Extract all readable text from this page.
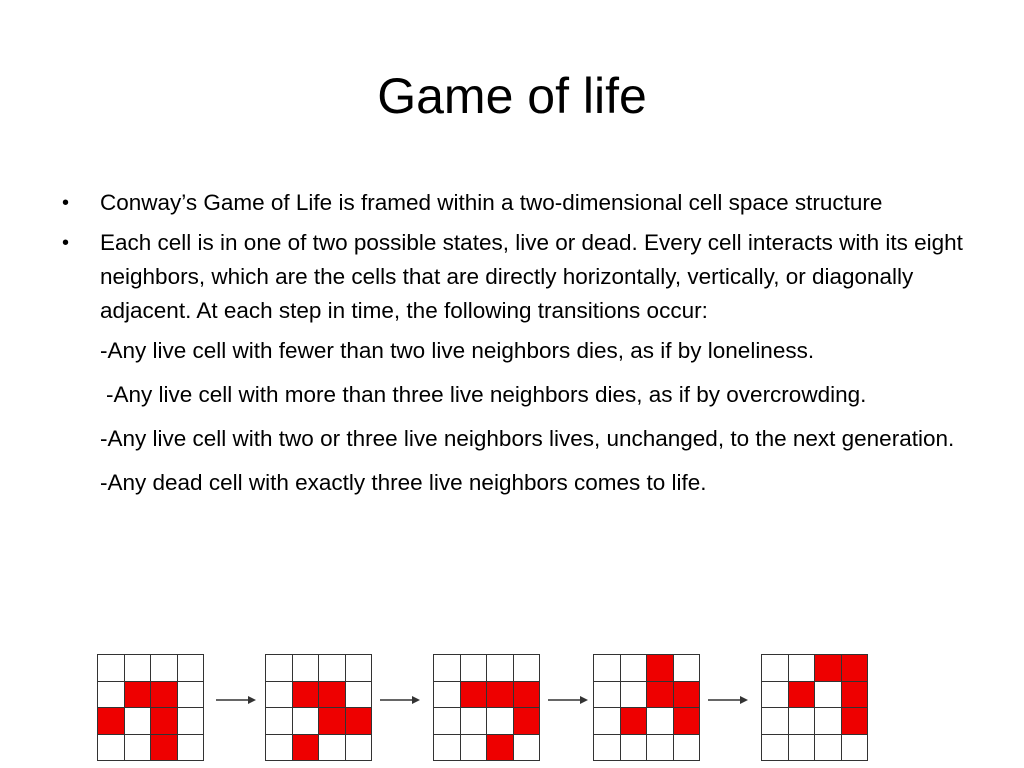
Game of life
•	Conway’s Game of Life is framed within a two-dimensional cell space structure
•	Each cell is in one of two possible states, live or dead. Every cell interacts with its eight neighbors, which are the cells that are directly horizontally, vertically, or diagonally adjacent. At each step in time, the following transitions occur:
-Any live cell with fewer than two live neighbors dies, as if by loneliness.
-Any live cell with more than three live neighbors dies, as if by overcrowding.
-Any live cell with two or three live neighbors lives, unchanged, to the next generation.
-Any dead cell with exactly three live neighbors comes to life.
